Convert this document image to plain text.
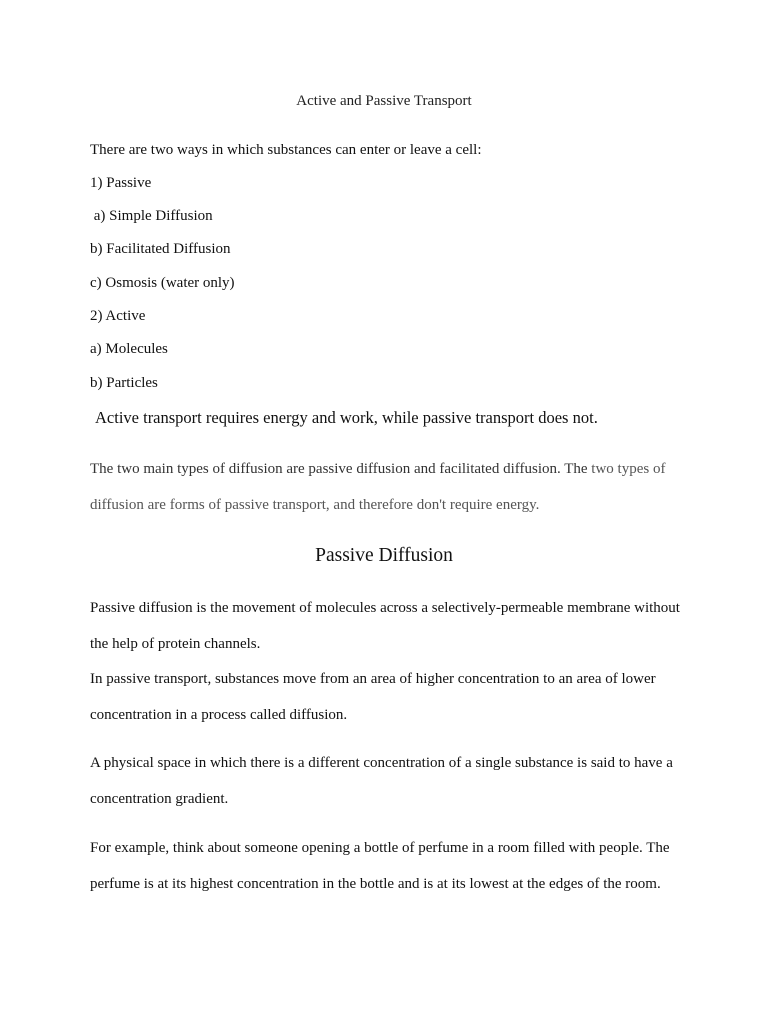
Active and Passive Transport
There are two ways in which substances can enter or leave a cell:
1) Passive
a) Simple Diffusion
b) Facilitated Diffusion
c) Osmosis (water only)
2) Active
a) Molecules
b) Particles
Active transport requires energy and work, while passive transport does not.
The two main types of diffusion are passive diffusion and facilitated diffusion. The two types of diffusion are forms of passive transport, and therefore don't require energy.
Passive Diffusion
Passive diffusion is the movement of molecules across a selectively-permeable membrane without the help of protein channels.
In passive transport, substances move from an area of higher concentration to an area of lower concentration in a process called diffusion.
A physical space in which there is a different concentration of a single substance is said to have a concentration gradient.
For example, think about someone opening a bottle of perfume in a room filled with people. The perfume is at its highest concentration in the bottle and is at its lowest at the edges of the room.
